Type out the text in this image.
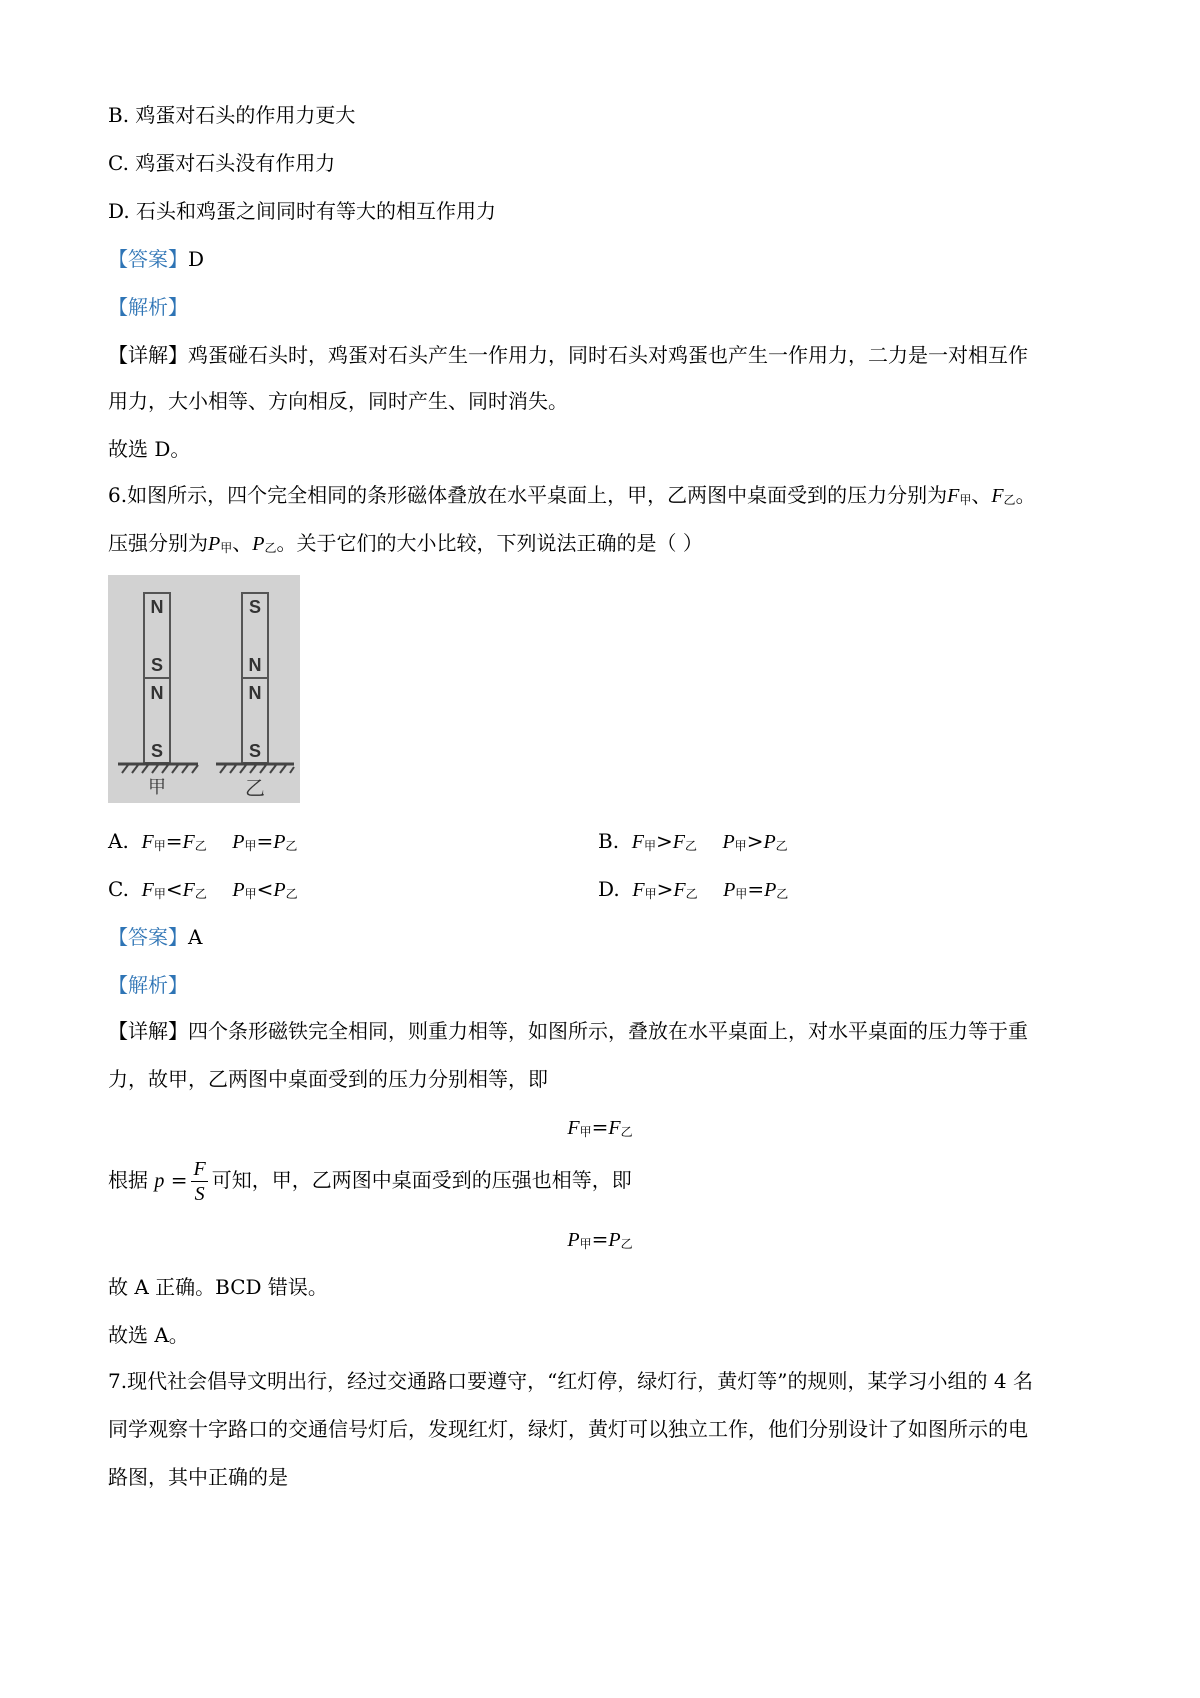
B. 鸡蛋对石头的作用力更大
C. 鸡蛋对石头没有作用力
D. 石头和鸡蛋之间同时有等大的相互作用力
【答案】D
【解析】
【详解】鸡蛋碰石头时，鸡蛋对石头产生一作用力，同时石头对鸡蛋也产生一作用力，二力是一对相互作
用力，大小相等、方向相反，同时产生、同时消失。
故选 D。
6.如图所示，四个完全相同的条形磁体叠放在水平桌面上，甲，乙两图中桌面受到的压力分别为F甲、F乙。
压强分别为P甲、P乙。关于它们的大小比较，下列说法正确的是（ ）
N
S
N
S
S
N
N
S
甲	乙
A. F甲=F乙 P甲=P乙	B. F甲>F乙 P甲>P乙
C. F甲<F乙 P甲<P乙	D. F甲>F乙 P甲=P乙
【答案】A
【解析】
【详解】四个条形磁铁完全相同，则重力相等，如图所示，叠放在水平桌面上，对水平桌面的压力等于重
力，故甲，乙两图中桌面受到的压力分别相等，即
F甲=F乙
根据 $p = \frac{F}{S}$ 可知，甲，乙两图中桌面受到的压强也相等，即
P甲=P乙
故 A 正确。BCD 错误。
故选 A。
7.现代社会倡导文明出行，经过交通路口要遵守，“红灯停，绿灯行，黄灯等”的规则，某学习小组的 4 名
同学观察十字路口的交通信号灯后，发现红灯，绿灯，黄灯可以独立工作，他们分别设计了如图所示的电
路图，其中正确的是
